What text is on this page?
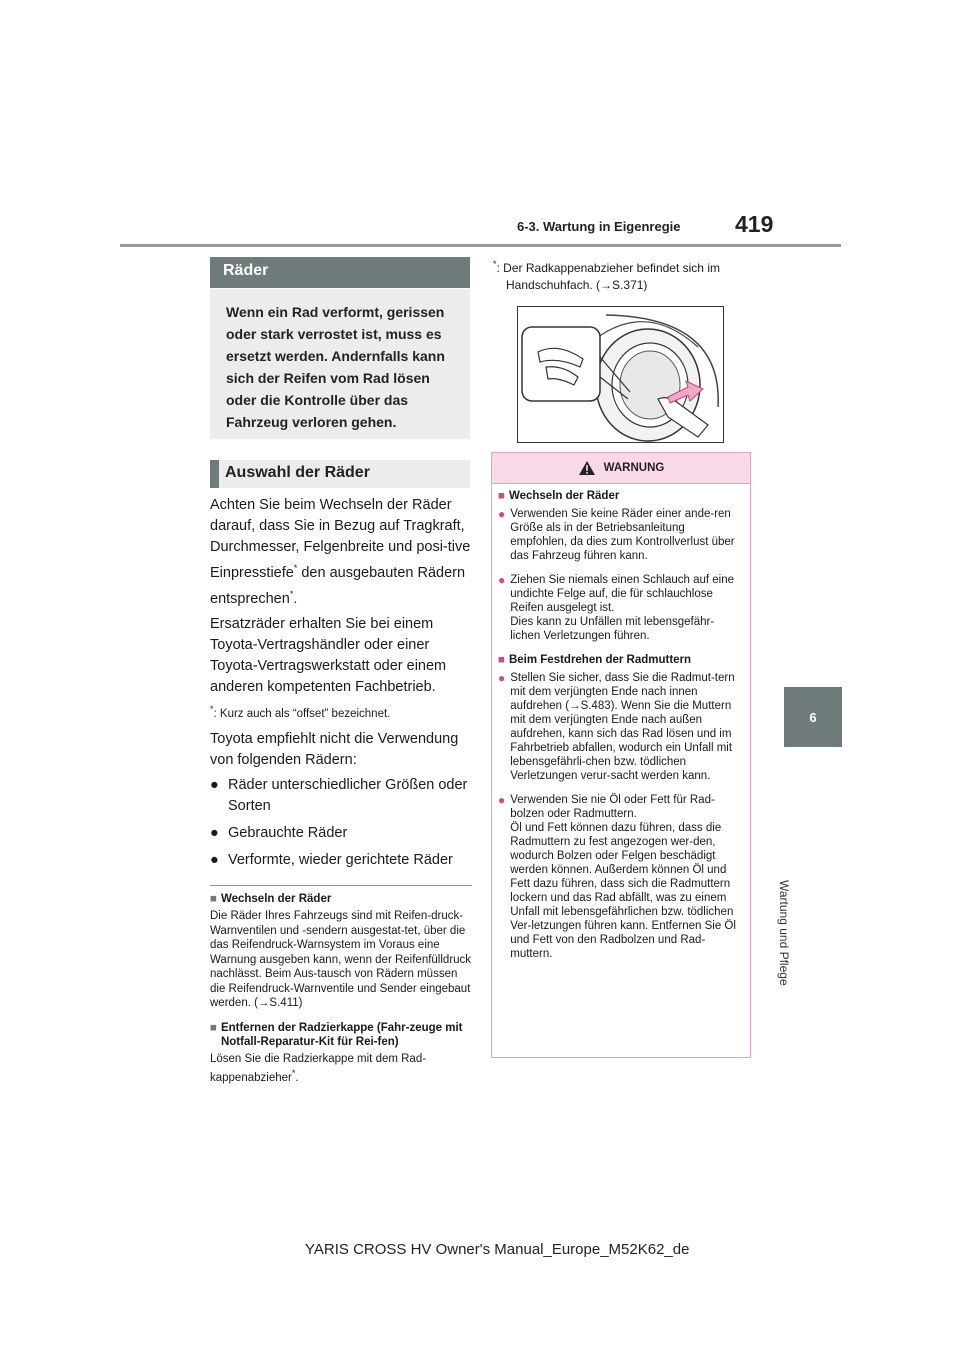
6-3. Wartung in Eigenregie 419
6
Wartung und Pflege
Räder
Wenn ein Rad verformt, gerissen oder stark verrostet ist, muss es ersetzt werden. Andernfalls kann sich der Reifen vom Rad lösen oder die Kontrolle über das Fahrzeug verloren gehen.
Auswahl der Räder

Achten Sie beim Wechseln der Räder darauf, dass Sie in Bezug auf Tragkraft, Durchmesser, Felgenbreite und posi-tive Einpresstiefe* den ausgebauten Rädern entsprechen*.

Ersatzräder erhalten Sie bei einem Toyota-Vertragshändler oder einer Toyota-Vertragswerkstatt oder einem anderen kompetenten Fachbetrieb.

*: Kurz auch als “offset” bezeichnet.

Toyota empfiehlt nicht die Verwendung von folgenden Rädern:

● Räder unterschiedlicher Größen oder Sorten
● Gebrauchte Räder
● Verformte, wieder gerichtete Räder
■ Wechseln der Räder

Die Räder Ihres Fahrzeugs sind mit Reifen-druck-Warnventilen und -sendern ausgestat-tet, über die das Reifendruck-Warnsystem im Voraus eine Warnung ausgeben kann, wenn der Reifenfülldruck nachlässt. Beim Aus-tausch von Rädern müssen die Reifendruck-Warnventile und Sender eingebaut werden. (→S.411)

■ Entfernen der Radzierkappe (Fahr-zeuge mit Notfall-Reparatur-Kit für Rei-fen)

Lösen Sie die Radzierkappe mit dem Rad-kappenabzieher*.

*: Der Radkappenabzieher befindet sich im
Handschuhfach. (→S.371)
WARNUNG
■ Wechseln der Räder
● Verwenden Sie keine Räder einer ande-ren Größe als in der Betriebsanleitung empfohlen, da dies zum Kontrollverlust über das Fahrzeug führen kann.
● Ziehen Sie niemals einen Schlauch auf eine undichte Felge auf, die für schlauchlose Reifen ausgelegt ist.
Dies kann zu Unfällen mit lebensgefähr-lichen Verletzungen führen.
■ Beim Festdrehen der Radmuttern
● Stellen Sie sicher, dass Sie die Radmut-tern mit dem verjüngten Ende nach innen aufdrehen (→S.483). Wenn Sie die Muttern mit dem verjüngten Ende nach außen aufdrehen, kann sich das Rad lösen und im Fahrbetrieb abfallen, wodurch ein Unfall mit lebensgefährli-chen bzw. tödlichen Verletzungen verur-sacht werden kann.
● Verwenden Sie nie Öl oder Fett für Rad-bolzen oder Radmuttern.
Öl und Fett können dazu führen, dass die Radmuttern zu fest angezogen wer-den, wodurch Bolzen oder Felgen beschädigt werden können. Außerdem können Öl und Fett dazu führen, dass sich die Radmuttern lockern und das Rad abfällt, was zu einem Unfall mit lebensgefährlichen bzw. tödlichen Ver-letzungen führen kann. Entfernen Sie Öl und Fett von den Radbolzen und Rad-muttern.
YARIS CROSS HV Owner's Manual_Europe_M52K62_de
